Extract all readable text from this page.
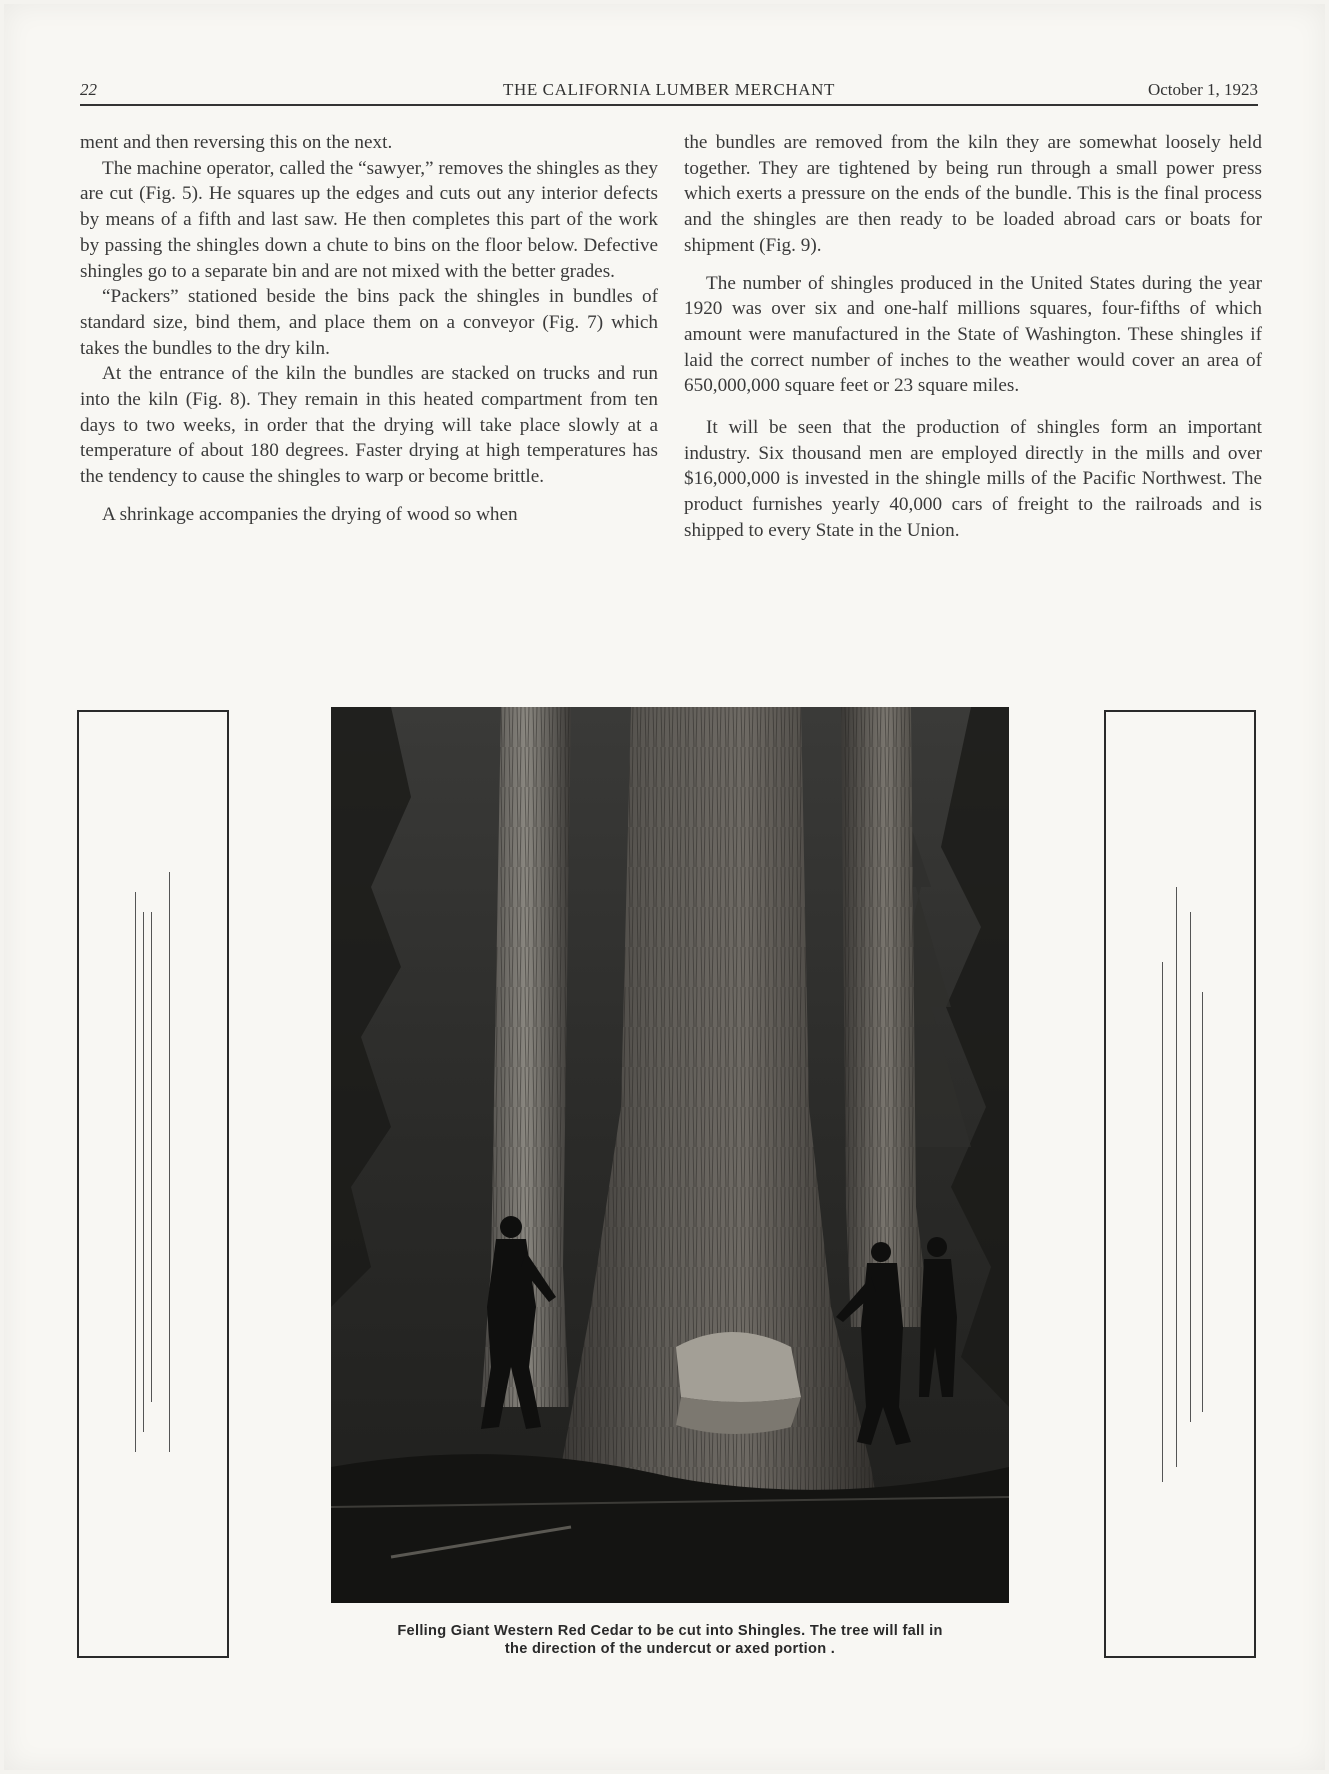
22	THE CALIFORNIA LUMBER MERCHANT	October 1, 1923

ment and then reversing this on the next.

The machine operator, called the “sawyer,” removes the shingles as they are cut (Fig. 5). He squares up the edges and cuts out any interior defects by means of a fifth and last saw. He then completes this part of the work by passing the shingles down a chute to bins on the floor below. Defective shingles go to a separate bin and are not mixed with the better grades.

“Packers” stationed beside the bins pack the shingles in bundles of standard size, bind them, and place them on a conveyor (Fig. 7) which takes the bundles to the dry kiln.

At the entrance of the kiln the bundles are stacked on trucks and run into the kiln (Fig. 8). They remain in this heated compartment from ten days to two weeks, in order that the drying will take place slowly at a temperature of about 180 degrees. Faster drying at high temperatures has the tendency to cause the shingles to warp or become brittle.

A shrinkage accompanies the drying of wood so when

the bundles are removed from the kiln they are somewhat loosely held together. They are tightened by being run through a small power press which exerts a pressure on the ends of the bundle. This is the final process and the shingles are then ready to be loaded abroad cars or boats for shipment (Fig. 9).

The number of shingles produced in the United States during the year 1920 was over six and one-half millions squares, four-fifths of which amount were manufactured in the State of Washington. These shingles if laid the correct number of inches to the weather would cover an area of 650,000,000 square feet or 23 square miles.

It will be seen that the production of shingles form an important industry. Six thousand men are employed directly in the mills and over $16,000,000 is invested in the shingle mills of the Pacific Northwest. The product furnishes yearly 40,000 cars of freight to the railroads and is shipped to every State in the Union.

Felling Giant Western Red Cedar to be cut into Shingles. The tree will fall in
the direction of the undercut or axed portion .
